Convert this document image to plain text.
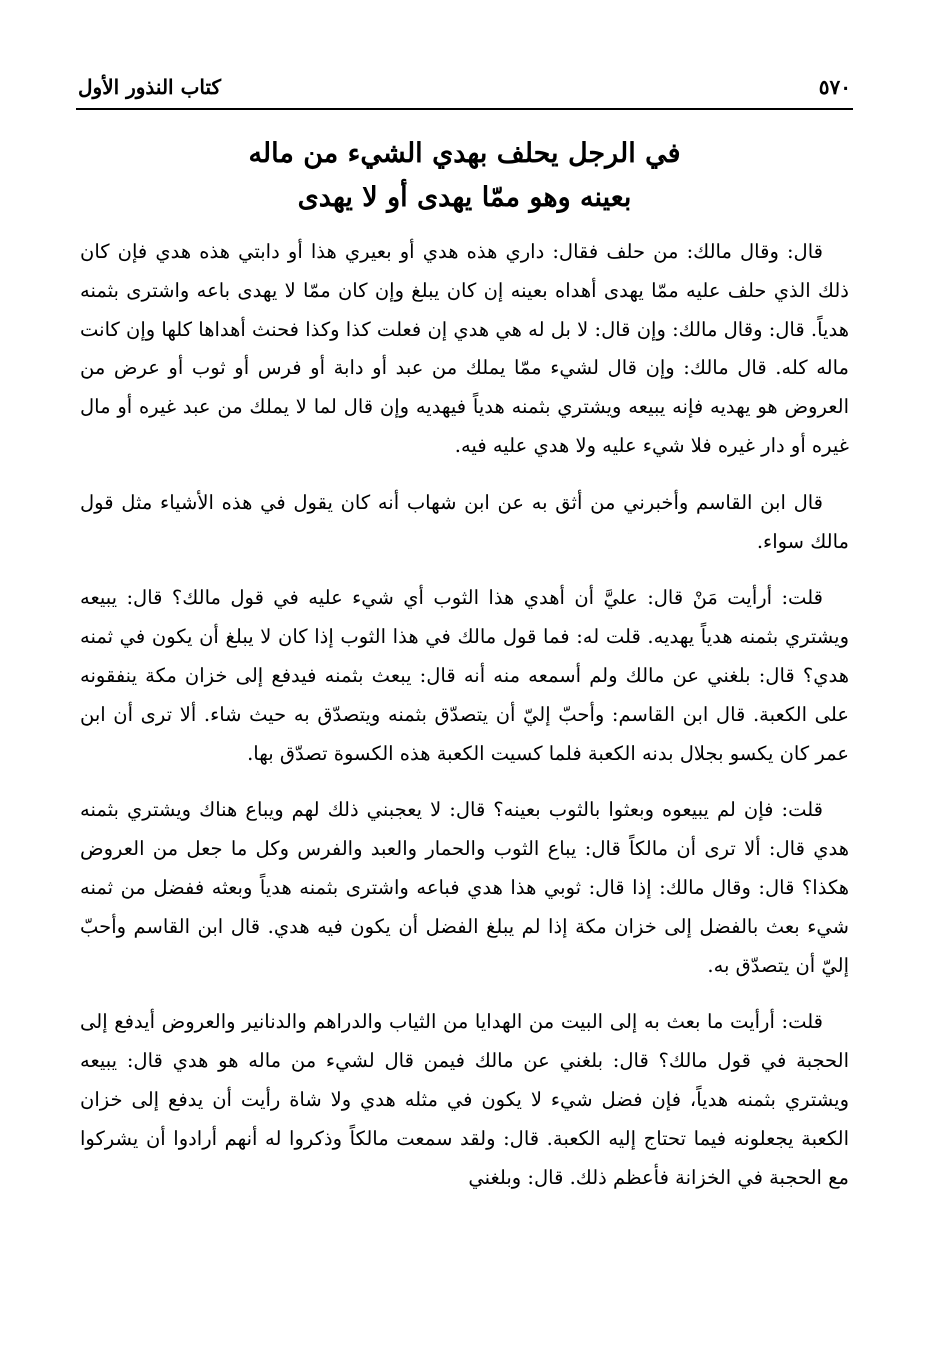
٥٧٠
كتاب النذور الأول
في الرجل يحلف بهدي الشيء من ماله
بعينه وهو ممّا يهدى أو لا يهدى

قال: وقال مالك: من حلف فقال: داري هذه هدي أو بعيري هذا أو دابتي هذه هدي فإن كان ذلك الذي حلف عليه ممّا يهدى أهداه بعينه إن كان يبلغ وإن كان ممّا لا يهدى باعه واشترى بثمنه هدياً. قال: وقال مالك: وإن قال: لا بل له هي هدي إن فعلت كذا وكذا فحنث أهداها كلها وإن كانت ماله كله. قال مالك: وإن قال لشيء ممّا يملك من عبد أو دابة أو فرس أو ثوب أو عرض من العروض هو يهديه فإنه يبيعه ويشتري بثمنه هدياً فيهديه وإن قال لما لا يملك من عبد غيره أو مال غيره أو دار غيره فلا شيء عليه ولا هدي عليه فيه.

قال ابن القاسم وأخبرني من أثق به عن ابن شهاب أنه كان يقول في هذه الأشياء مثل قول مالك سواء.

قلت: أرأيت مَنْ قال: عليَّ أن أهدي هذا الثوب أي شيء عليه في قول مالك؟ قال: يبيعه ويشتري بثمنه هدياً يهديه. قلت له: فما قول مالك في هذا الثوب إذا كان لا يبلغ أن يكون في ثمنه هدي؟ قال: بلغني عن مالك ولم أسمعه منه أنه قال: يبعث بثمنه فيدفع إلى خزان مكة ينفقونه على الكعبة. قال ابن القاسم: وأحبّ إليّ أن يتصدّق بثمنه ويتصدّق به حيث شاء. ألا ترى أن ابن عمر كان يكسو بجلال بدنه الكعبة فلما كسيت الكعبة هذه الكسوة تصدّق بها.

قلت: فإن لم يبيعوه وبعثوا بالثوب بعينه؟ قال: لا يعجبني ذلك لهم ويباع هناك ويشتري بثمنه هدي قال: ألا ترى أن مالكاً قال: يباع الثوب والحمار والعبد والفرس وكل ما جعل من العروض هكذا؟ قال: وقال مالك: إذا قال: ثوبي هذا هدي فباعه واشترى بثمنه هدياً وبعثه ففضل من ثمنه شيء بعث بالفضل إلى خزان مكة إذا لم يبلغ الفضل أن يكون فيه هدي. قال ابن القاسم وأحبّ إليّ أن يتصدّق به.

قلت: أرأيت ما بعث به إلى البيت من الهدايا من الثياب والدراهم والدنانير والعروض أيدفع إلى الحجبة في قول مالك؟ قال: بلغني عن مالك فيمن قال لشيء من ماله هو هدي قال: يبيعه ويشتري بثمنه هدياً، فإن فضل شيء لا يكون في مثله هدي ولا شاة رأيت أن يدفع إلى خزان الكعبة يجعلونه فيما تحتاج إليه الكعبة. قال: ولقد سمعت مالكاً وذكروا له أنهم أرادوا أن يشركوا مع الحجبة في الخزانة فأعظم ذلك. قال: وبلغني
